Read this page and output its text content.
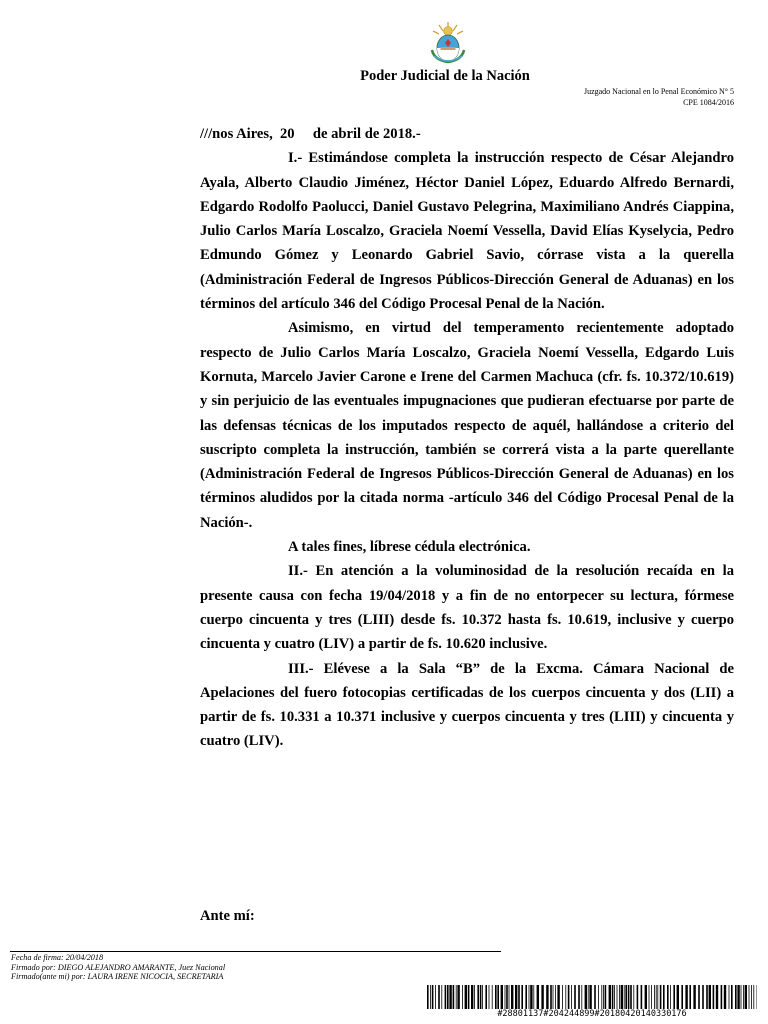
Poder Judicial de la Nación
Juzgado Nacional en lo Penal Económico N° 5
CPE 1084/2016

///nos Aires,  20     de abril de 2018.-

I.- Estimándose completa la instrucción respecto de César Alejandro Ayala, Alberto Claudio Jiménez, Héctor Daniel López, Eduardo Alfredo Bernardi, Edgardo Rodolfo Paolucci, Daniel Gustavo Pelegrina, Maximiliano Andrés Ciappina, Julio Carlos María Loscalzo, Graciela Noemí Vessella, David Elías Kyselycia, Pedro Edmundo Gómez y Leonardo Gabriel Savio, córrase vista a la querella (Administración Federal de Ingresos Públicos-Dirección General de Aduanas) en los términos del artículo 346 del Código Procesal Penal de la Nación.

Asimismo, en virtud del temperamento recientemente adoptado respecto de Julio Carlos María Loscalzo, Graciela Noemí Vessella, Edgardo Luis Kornuta, Marcelo Javier Carone e Irene del Carmen Machuca (cfr. fs. 10.372/10.619) y sin perjuicio de las eventuales impugnaciones que pudieran efectuarse por parte de las defensas técnicas de los imputados respecto de aquél, hallándose a criterio del suscripto completa la instrucción, también se correrá vista a la parte querellante (Administración Federal de Ingresos Públicos-Dirección General de Aduanas) en los términos aludidos por la citada norma -artículo 346 del Código Procesal Penal de la Nación-.

A tales fines, líbrese cédula electrónica.

II.- En atención a la voluminosidad de la resolución recaída en la presente causa con fecha 19/04/2018 y a fin de no entorpecer su lectura, fórmese cuerpo cincuenta y tres (LIII) desde fs. 10.372 hasta fs. 10.619, inclusive y cuerpo cincuenta y cuatro (LIV) a partir de fs. 10.620 inclusive.

III.- Elévese a la Sala “B” de la Excma. Cámara Nacional de Apelaciones del fuero fotocopias certificadas de los cuerpos cincuenta y dos (LII) a partir de fs. 10.331 a 10.371 inclusive y cuerpos cincuenta y tres (LIII) y cincuenta y cuatro (LIV).

Ante mí:
Fecha de firma: 20/04/2018
Firmado por: DIEGO ALEJANDRO AMARANTE, Juez Nacional
Firmado(ante mi) por: LAURA IRENE NICOCIA, SECRETARIA
#28801137#204244899#20180420140330176
